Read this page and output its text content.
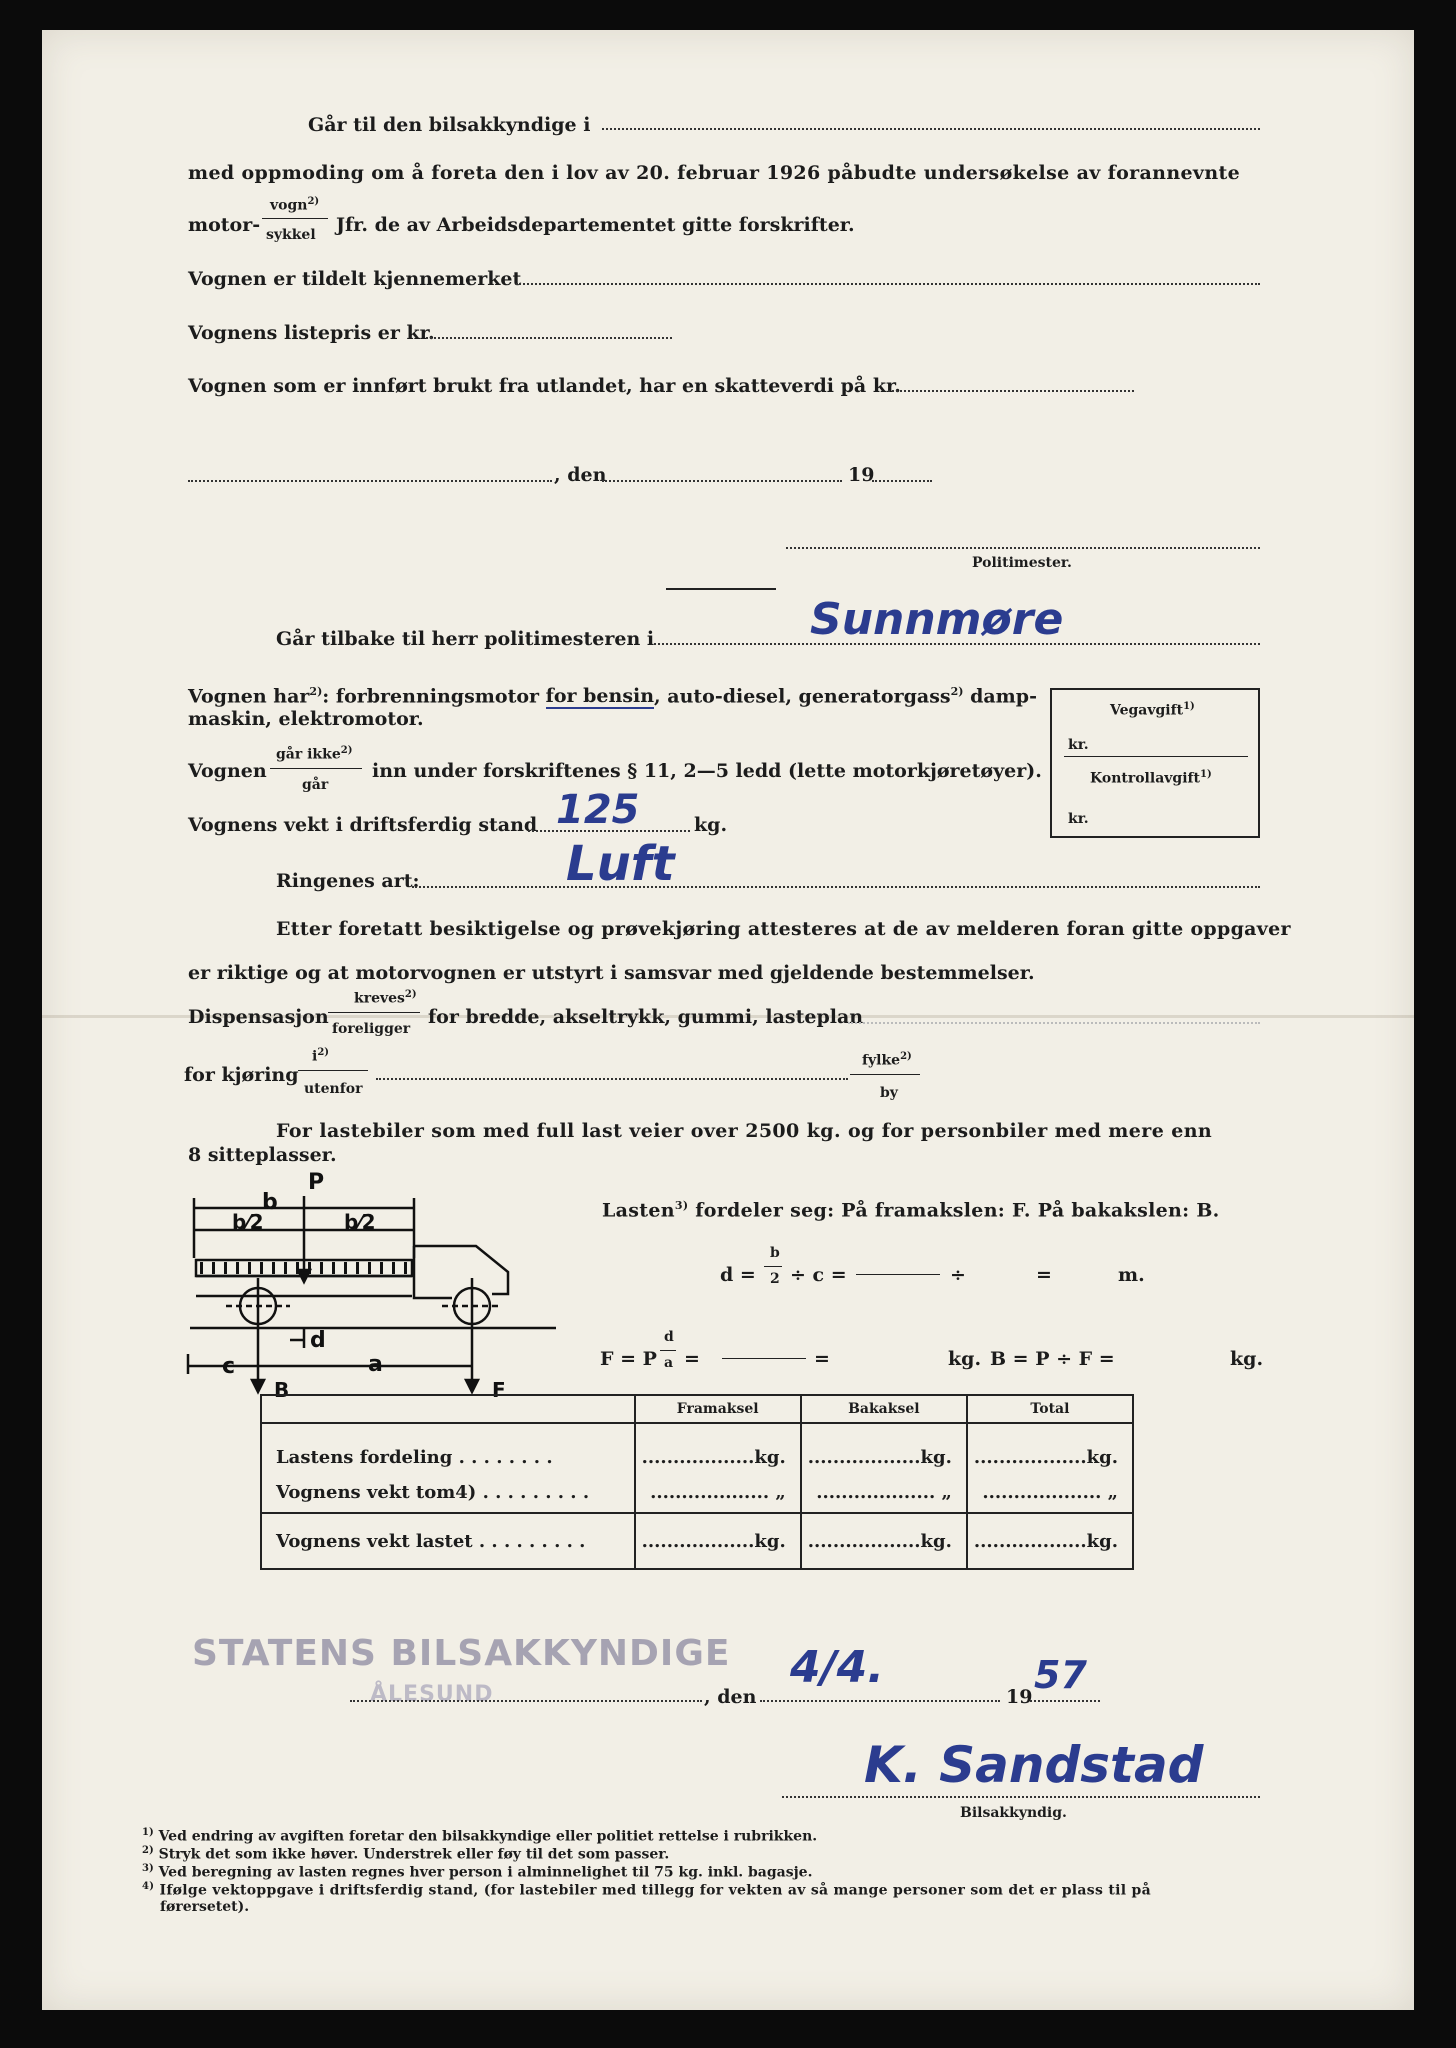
Går til den bilsakkyndige i
med oppmoding om å foreta den i lov av 20. februar 1926 påbudte undersøkelse av forannevnte
motor-
vogn$^{2)}$
sykkel Jfr. de av Arbeidsdepartementet gitte forskrifter.
Vognen er tildelt kjennemerket
Vognens listepris er kr.
Vognen som er innført brukt fra utlandet, har en skatteverdi på kr.
, den	19
Politimester.
Går tilbake til herr politimesteren i	Sunnmøre
Vognen har$^{2)}$: forbrenningsmotor for bensin, auto-diesel, generatorgass$^{2)}$ damp-
maskin, elektromotor.	Vegavgift$^{1)}$
kr.
Kontrollavgift$^{1)}$
kr.
Vognen
går ikke$^{2)}$
går
inn under forskriftenes § 11, 2—5 ledd (lette motorkjøretøyer).
Vognens vekt i driftsferdig stand 125	kg.
Ringenes art:	Luft
Etter foretatt besiktigelse og prøvekjøring attesteres at de av melderen foran gitte oppgaver
er riktige og at motorvognen er utstyrt i samsvar med gjeldende bestemmelser.
Dispensasjon
kreves$^{2)}$
foreligger
for bredde, akseltrykk, gummi, lasteplan
for kjøring
$i^{2)}$
utenfor
fylke$^{2)}$
by
For lastebiler som med full last veier over 2500 kg. og for personbiler med mere enn
8 sitteplasser.
P
b
b⁄2	b⁄2
d
c	a
B	F
Lasten$^{3)}$ fordeler seg: På framakslen: F. På bakakslen: B.
d =
b
2 ÷ c =	÷	=	m.
F = P
d
a =	=	kg. B = P ÷ F =	kg.
	Framaksel	Bakaksel	Total
Lastens fordeling . . . . . . . .	..................kg.	..................kg.	..................kg.
Vognens vekt tom4) . . . . . . . . .	................... „	................... „	................... „
Vognens vekt lastet . . . . . . . . .	..................kg.	..................kg.	..................kg.
STATENS BILSAKKYNDIGE
ÅLESUND	, den
4/4.
19 57
K. Sandstad
Bilsakkyndig.
$^{1)}$ Ved endring av avgiften foretar den bilsakkyndige eller politiet rettelse i rubrikken.
$^{2)}$ Stryk det som ikke høver. Understrek eller føy til det som passer.
$^{3)}$ Ved beregning av lasten regnes hver person i alminnelighet til 75 kg. inkl. bagasje.
$^{4)}$ Ifølge vektoppgave i driftsferdig stand, (for lastebiler med tillegg for vekten av så mange personer som det er plass til på
førersetet).
